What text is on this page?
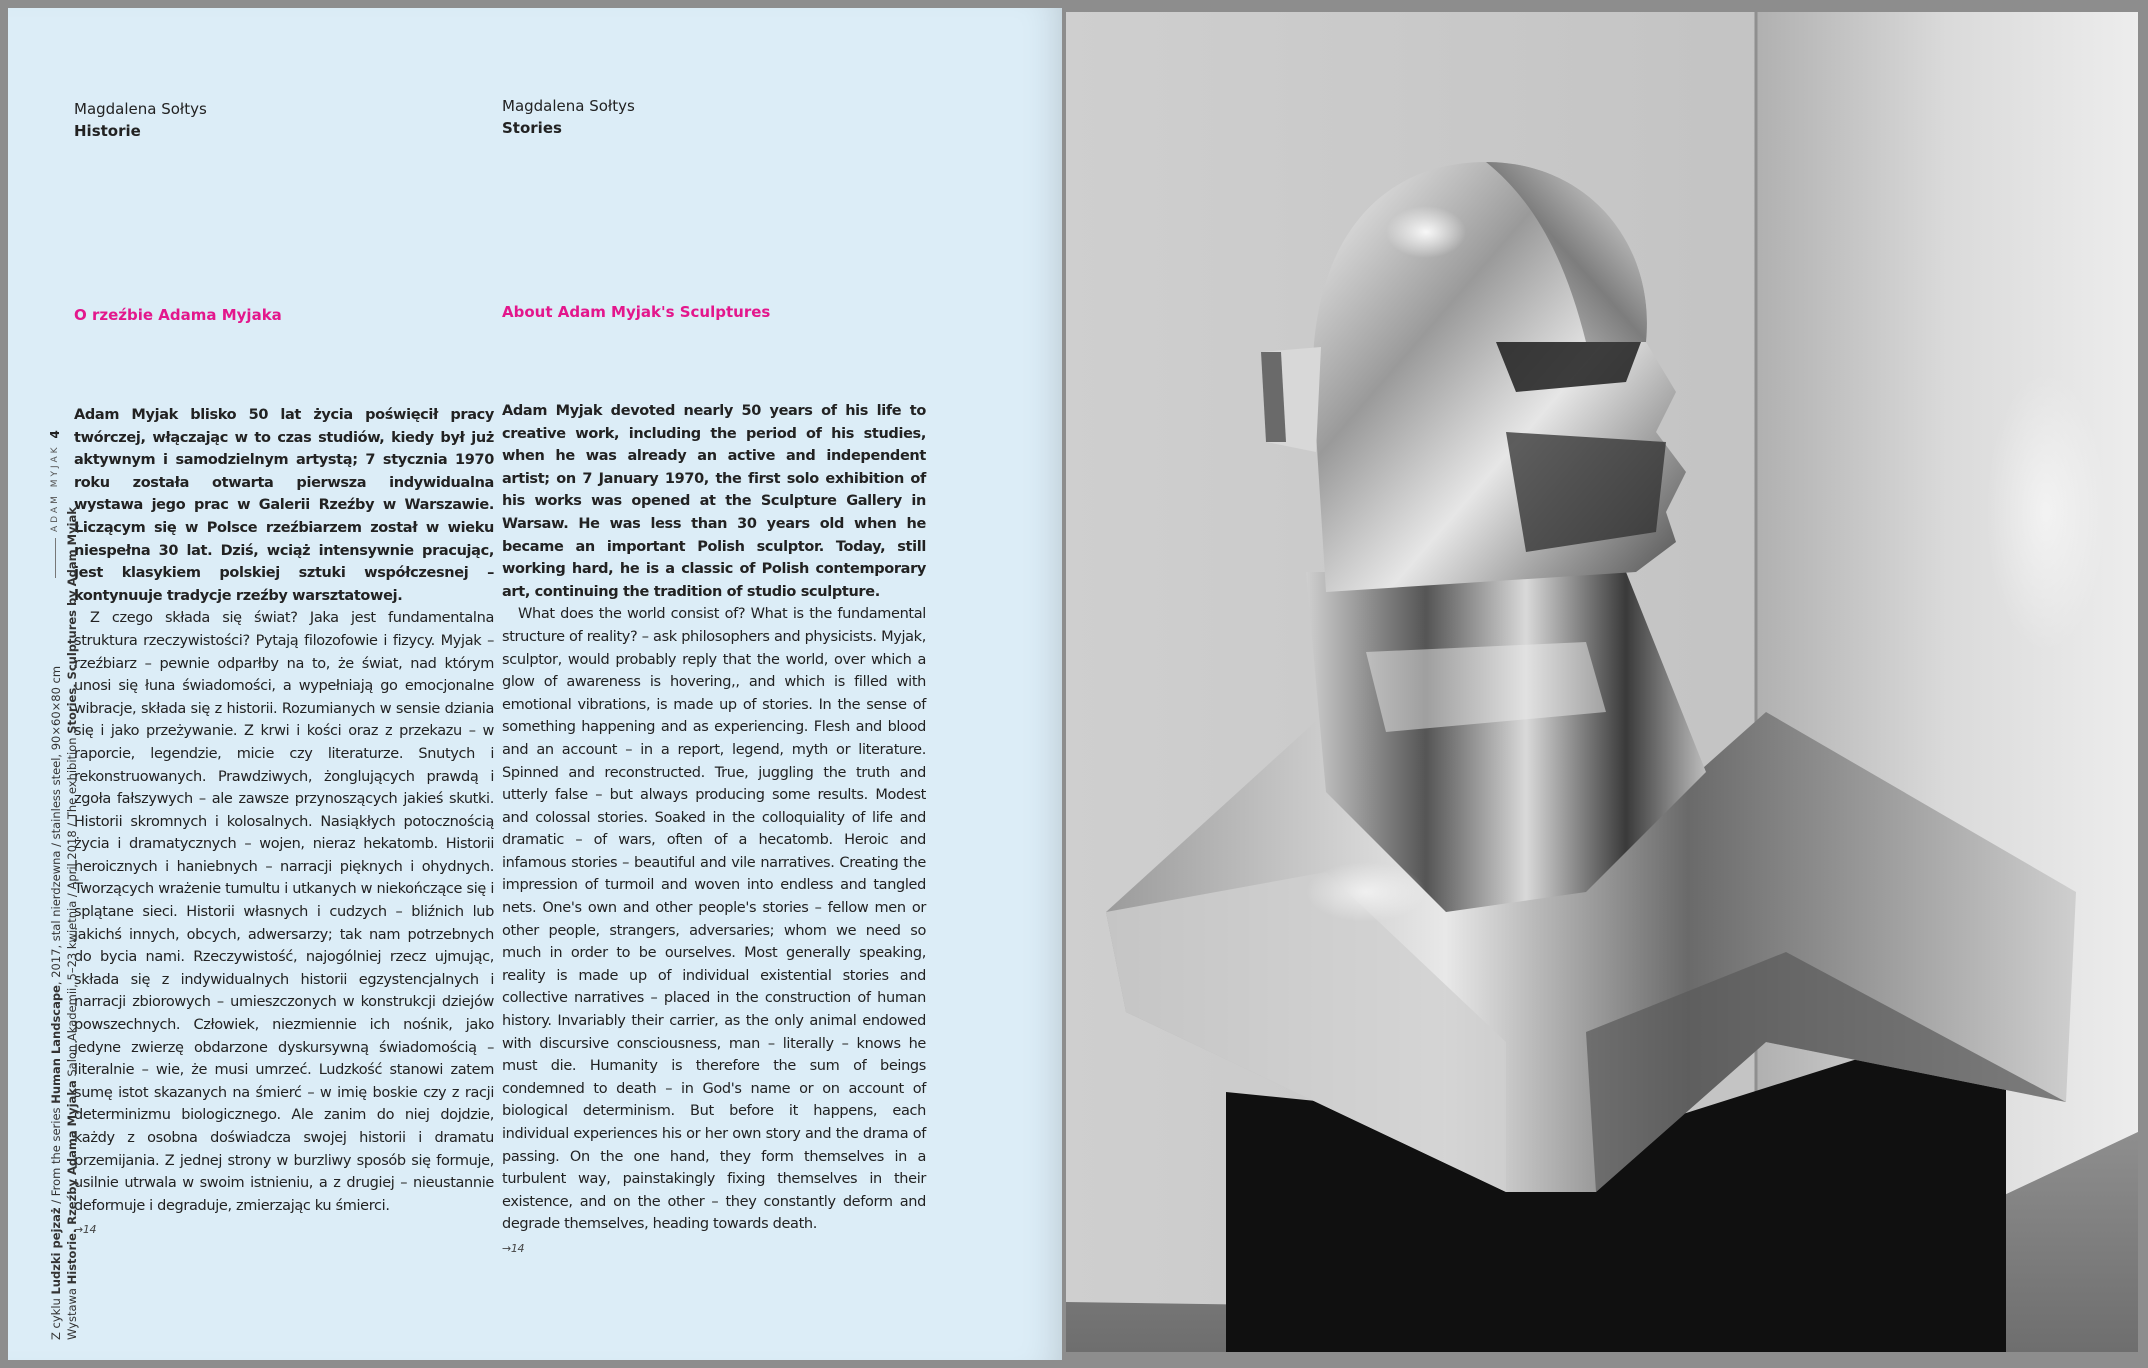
Magdalena Sołtys
Historie
Magdalena Sołtys
Stories
O rzeźbie Adama Myjaka	About Adam Myjak's Sculptures

Adam Myjak blisko 50 lat życia poświęcił pracy twórczej, włączając w to czas studiów, kiedy był już aktywnym i samodzielnym artystą; 7 stycznia 1970 roku została otwarta pierwsza indywidualna wystawa jego prac w Galerii Rzeźby w Warszawie. Liczącym się w Polsce rzeźbiarzem został w wieku niespełna 30 lat. Dziś, wciąż intensywnie pracując, jest klasykiem polskiej sztuki współczesnej – kontynuuje tradycje rzeźby warsztatowej.

Z czego składa się świat? Jaka jest fundamentalna struktura rzeczywistości? Pytają filozofowie i fizycy. Myjak – rzeźbiarz – pewnie odparłby na to, że świat, nad którym unosi się łuna świadomości, a wypełniają go emocjonalne wibracje, składa się z historii. Rozumianych w sensie dziania się i jako przeżywanie. Z krwi i kości oraz z przekazu – w raporcie, legendzie, micie czy literaturze. Snutych i rekonstruowanych. Prawdziwych, żonglujących prawdą i zgoła fałszywych – ale zawsze przynoszących jakieś skutki. Historii skromnych i kolosalnych. Nasiąkłych potocznością życia i dramatycznych – wojen, nieraz hekatomb. Historii heroicznych i haniebnych – narracji pięknych i ohydnych. Tworzących wrażenie tumultu i utkanych w niekończące się i splątane sieci. Historii własnych i cudzych – bliźnich lub jakichś innych, obcych, adwersarzy; tak nam potrzebnych do bycia nami. Rzeczywistość, najogólniej rzecz ujmując, składa się z indywidualnych historii egzystencjalnych i narracji zbiorowych – umieszczonych w konstrukcji dziejów powszechnych. Człowiek, niezmiennie ich nośnik, jako jedyne zwierzę obdarzone dyskursywną świadomością – literalnie – wie, że musi umrzeć. Ludzkość stanowi zatem sumę istot skazanych na śmierć – w imię boskie czy z racji determinizmu biologicznego. Ale zanim do niej dojdzie, każdy z osobna doświadcza swojej historii i dramatu przemijania. Z jednej strony w burzliwy sposób się formuje, usilnie utrwala w swoim istnieniu, a z drugiej – nieustannie deformuje i degraduje, zmierzając ku śmierci.

→14

Adam Myjak devoted nearly 50 years of his life to creative work, including the period of his studies, when he was already an active and independent artist; on 7 January 1970, the first solo exhibition of his works was opened at the Sculpture Gallery in Warsaw. He was less than 30 years old when he became an important Polish sculptor. Today, still working hard, he is a classic of Polish contemporary art, continuing the tradition of studio sculpture.

What does the world consist of? What is the fundamental structure of reality? – ask philosophers and physicists. Myjak, sculptor, would probably reply that the world, over which a glow of awareness is hovering,, and which is filled with emotional vibrations, is made up of stories. In the sense of something happening and as experiencing. Flesh and blood and an account – in a report, legend, myth or literature. Spinned and reconstructed. True, juggling the truth and utterly false – but always producing some results. Modest and colossal stories. Soaked in the colloquiality of life and dramatic – of wars, often of a hecatomb. Heroic and infamous stories – beautiful and vile narratives. Creating the impression of turmoil and woven into endless and tangled nets. One's own and other people's stories – fellow men or other people, strangers, adversaries; whom we need so much in order to be ourselves. Most generally speaking, reality is made up of individual existential stories and collective narratives – placed in the construction of human history. Invariably their carrier, as the only animal endowed with discursive consciousness, man – literally – knows he must die. Humanity is therefore the sum of beings condemned to death – in God's name or on account of biological determinism. But before it happens, each individual experiences his or her own story and the drama of passing. On the one hand, they form themselves in a turbulent way, painstakingly fixing themselves in their existence, and on the other – they constantly deform and degrade themselves, heading towards death.

→14
ADAM MYJAK
4
Z cyklu Ludzki pejzaż / From the series Human Landscape, 2017, stal nierdzewna / stainless steel, 90×60×80 cm
Wystawa Historie. Rzeźby Adama Myjaka Salon Akademii, 5–23 kwietnia / April 2018 / The exhibition Stories. Sculptures by Adam Myjak
